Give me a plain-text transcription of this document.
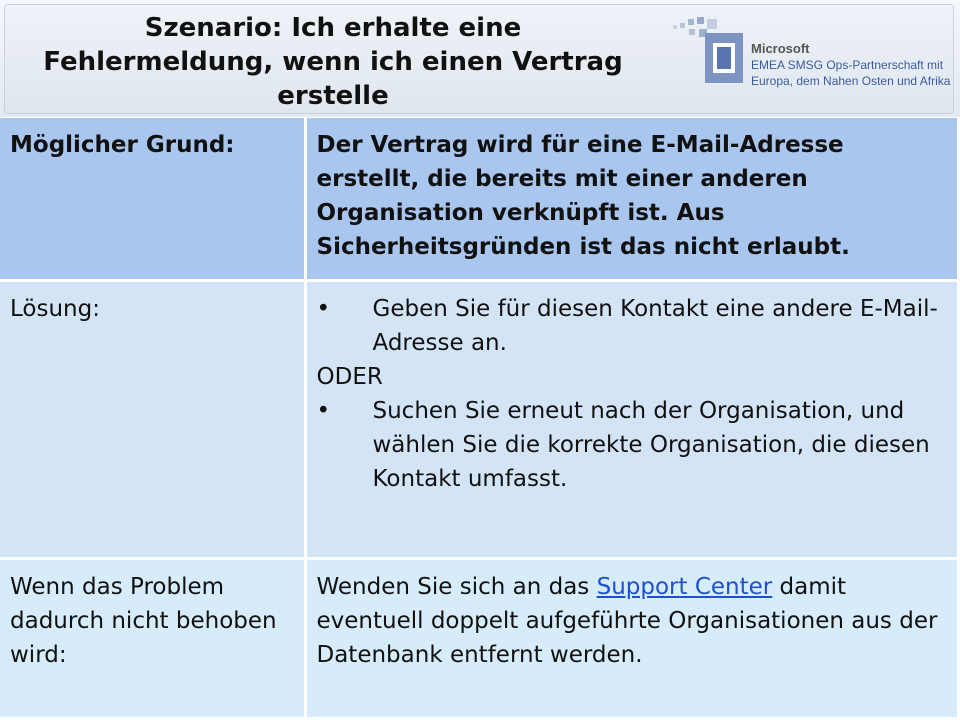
Szenario: Ich erhalte eine Fehlermeldung, wenn ich einen Vertrag erstelle
Microsoft
EMEA SMSG Ops-Partnerschaft mit Europa, dem Nahen Osten und Afrika
Möglicher Grund:	Der Vertrag wird für eine E-Mail-Adresse erstellt, die bereits mit einer anderen Organisation verknüpft ist. Aus Sicherheitsgründen ist das nicht erlaubt.
Lösung:	• Geben Sie für diesen Kontakt eine andere E-Mail-Adresse an.
ODER
• Suchen Sie erneut nach der Organisation, und wählen Sie die korrekte Organisation, die diesen Kontakt umfasst.

Wenn das Problem dadurch nicht behoben wird:	Wenden Sie sich an das Support Center damit eventuell doppelt aufgeführte Organisationen aus der Datenbank entfernt werden.
